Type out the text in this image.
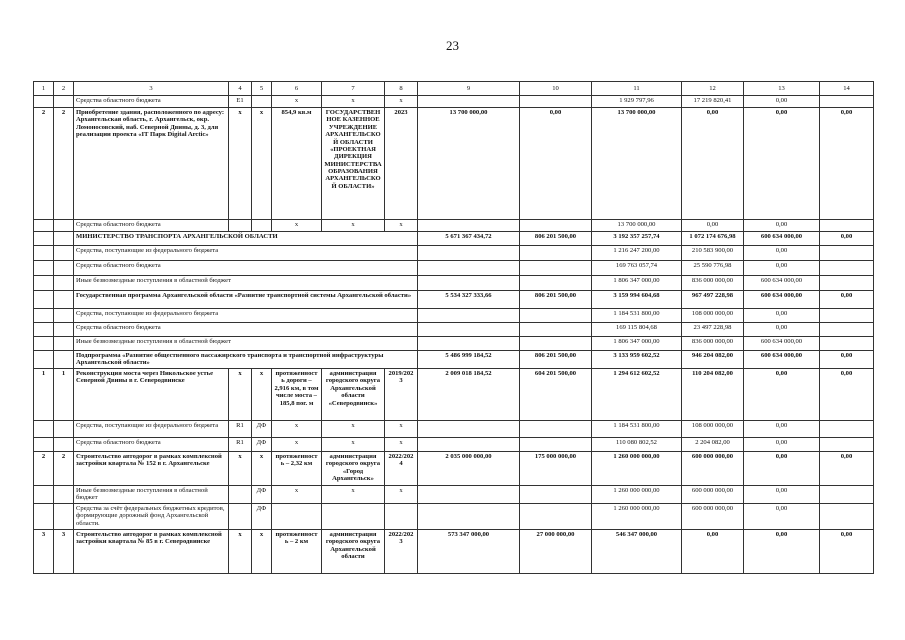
23
1	2	3	4	5	6	7	8	9	10	11	12	13	14
		Средства областного бюджета	E1		x	x	x			1 929 797,96	17 219 820,41	0,00	
2	2	Приобретение здания, расположенного по адресу: Архангельская область, г. Архангельск, окр. Ломоносовский, наб. Северной Двины, д. 3, для реализации проекта «IT Парк Digital Arctic»	x	x	854,9 кв.м	ГОСУДАРСТВЕННОЕ КАЗЕННОЕ УЧРЕЖДЕНИЕ АРХАНГЕЛЬСКОЙ ОБЛАСТИ «ПРОЕКТНАЯ ДИРЕКЦИЯ МИНИСТЕРСТВА ОБРАЗОВАНИЯ АРХАНГЕЛЬСКОЙ ОБЛАСТИ»	2023	13 700 000,00	0,00	13 700 000,00	0,00	0,00	0,00
		Средства областного бюджета			x	x	x			13 700 000,00	0,00	0,00	
		МИНИСТЕРСТВО ТРАНСПОРТА АРХАНГЕЛЬСКОЙ ОБЛАСТИ						5 671 367 434,72	806 201 500,00	3 192 357 257,74	1 072 174 676,98	600 634 000,00	0,00
		Средства, поступающие из федерального бюджета								1 216 247 200,00	210 583 900,00	0,00	
		Средства областного бюджета								169 763 057,74	25 590 776,98	0,00	
		Иные безвозмездные поступления в областной бюджет								1 806 347 000,00	836 000 000,00	600 634 000,00	
		Государственная программа Архангельской области «Развитие транспортной системы Архангельской области»						5 534 327 333,66	806 201 500,00	3 159 994 604,68	967 497 228,98	600 634 000,00	0,00
		Средства, поступающие из федерального бюджета								1 184 531 800,00	108 000 000,00	0,00	
		Средства областного бюджета								169 115 804,68	23 497 228,98	0,00	
		Иные безвозмездные поступления в областной бюджет								1 806 347 000,00	836 000 000,00	600 634 000,00	
		Подпрограмма «Развитие общественного пассажирского транспорта и транспортной инфраструктуры Архангельской области»						5 486 999 184,52	806 201 500,00	3 133 959 602,52	946 204 082,00	600 634 000,00	0,00
1	1	Реконструкция моста через Никольское устье Северной Двины в г. Северодвинске	x	x	протяженность дороги – 2,916 км, в том числе моста – 185,8 пог. м	администрация городского округа Архангельской области «Северодвинск»	2019/2023	2 009 018 184,52	604 201 500,00	1 294 612 602,52	110 204 082,00	0,00	0,00
		Средства, поступающие из федерального бюджета	R1	ДФ	x	x	x			1 184 531 800,00	108 000 000,00	0,00	
		Средства областного бюджета	R1	ДФ	x	x	x			110 080 802,52	2 204 082,00	0,00	
2	2	Строительство автодорог в рамках комплексной застройки квартала № 152 в г. Архангельске	x	x	протяженность – 2,32 км	администрация городского округа «Город Архангельск»	2022/2024	2 035 000 000,00	175 000 000,00	1 260 000 000,00	600 000 000,00	0,00	0,00
		Иные безвозмездные поступления в областной бюджет		ДФ	x	x	x			1 260 000 000,00	600 000 000,00	0,00	
		Средства за счёт федеральных бюджетных кредитов, формирующие дорожный фонд Архангельской области.		ДФ						1 260 000 000,00	600 000 000,00	0,00	
3	3	Строительство автодорог в рамках комплексной застройки квартала № 85 в г. Северодвинске	x	x	протяженность – 2 км	администрация городского округа Архангельской области	2022/2023	573 347 000,00	27 000 000,00	546 347 000,00	0,00	0,00	0,00
